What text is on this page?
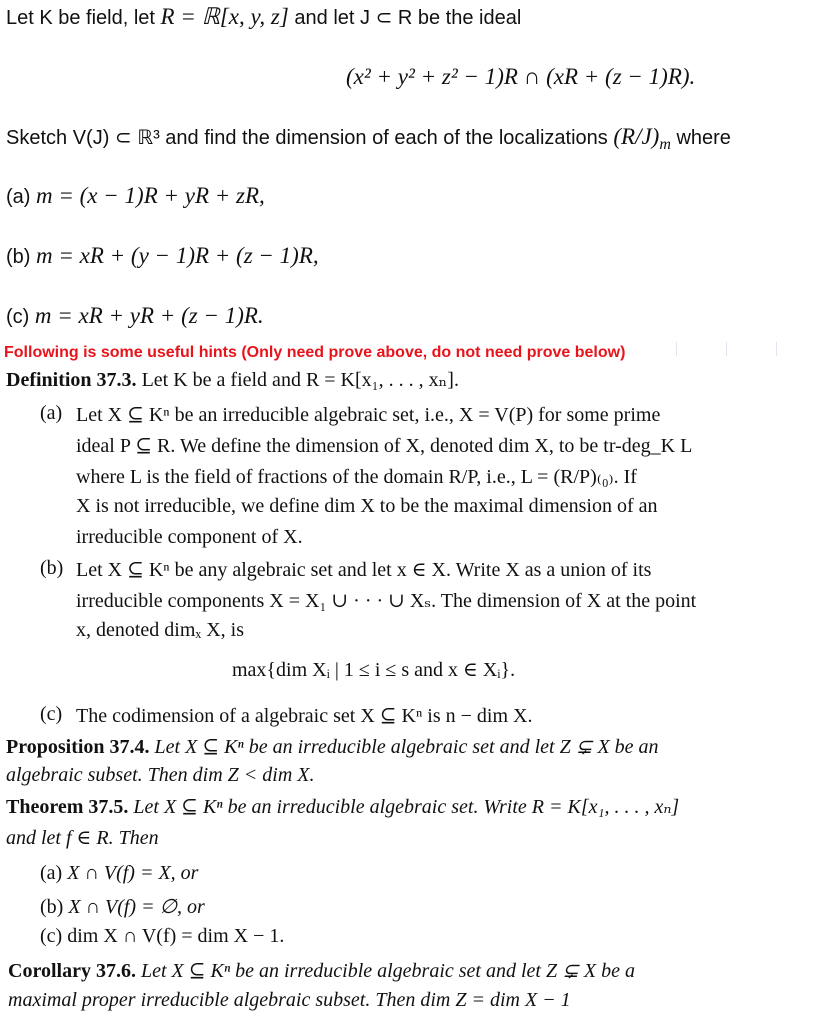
Let K be field, let R = ℝ[x, y, z] and let J ⊂ R be the ideal
(x² + y² + z² − 1)R ∩ (xR + (z − 1)R).
Sketch V(J) ⊂ ℝ³ and find the dimension of each of the localizations $(R/J)_m$ where
(a) m = (x − 1)R + yR + zR,
(b) m = xR + (y − 1)R + (z − 1)R,
(c) m = xR + yR + (z − 1)R.
Following is some useful hints (Only need prove above, do not need prove below)
Definition 37.3. Let K be a field and R = K[x₁, . . . , xₙ].
(a) Let X ⊆ Kⁿ be an irreducible algebraic set, i.e., X = V(P) for some prime
ideal P ⊆ R. We define the dimension of X, denoted dim X, to be tr-deg_K L
where L is the field of fractions of the domain R/P, i.e., L = (R/P)₍₀₎. If
X is not irreducible, we define dim X to be the maximal dimension of an
irreducible component of X.
(b) Let X ⊆ Kⁿ be any algebraic set and let x ∈ X. Write X as a union of its
irreducible components X = X₁ ∪ · · · ∪ Xₛ. The dimension of X at the point
x, denoted dimₓ X, is
max{dim Xᵢ | 1 ≤ i ≤ s and x ∈ Xᵢ}.
(c) The codimension of a algebraic set X ⊆ Kⁿ is n − dim X.
Proposition 37.4. Let X ⊆ Kⁿ be an irreducible algebraic set and let Z ⊊ X be an
algebraic subset. Then dim Z < dim X.
Theorem 37.5. Let X ⊆ Kⁿ be an irreducible algebraic set. Write R = K[x₁, . . . , xₙ]
and let f ∈ R. Then
(a) X ∩ V(f) = X, or
(b) X ∩ V(f) = ∅, or
(c) dim X ∩ V(f) = dim X − 1.
Corollary 37.6. Let X ⊆ Kⁿ be an irreducible algebraic set and let Z ⊊ X be a
maximal proper irreducible algebraic subset. Then dim Z = dim X − 1
